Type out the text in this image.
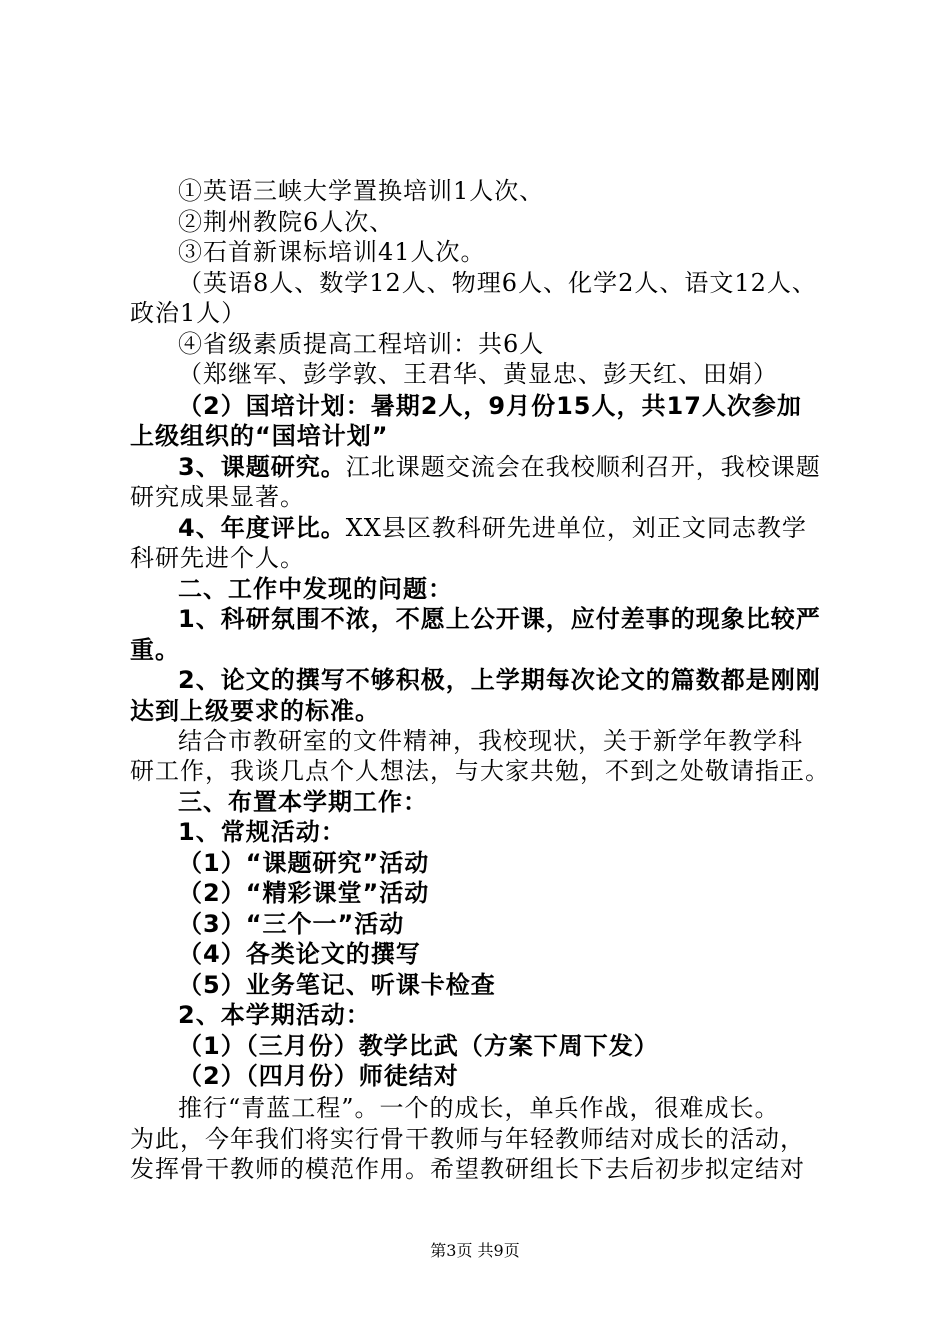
①英语三峡大学置换培训1人次、
②荆州教院6人次、
③石首新课标培训41人次。
（英语8人、数学12人、物理6人、化学2人、语文12人、
政治1人）
④省级素质提高工程培训：共6人
（郑继军、彭学敦、王君华、黄显忠、彭天红、田娟）
（2）国培计划：暑期2人，9月份15人，共17人次参加
上级组织的“国培计划”
3、课题研究。江北课题交流会在我校顺利召开，我校课题
研究成果显著。
4、年度评比。XX县区教科研先进单位，刘正文同志教学
科研先进个人。
二、工作中发现的问题：
1、科研氛围不浓，不愿上公开课，应付差事的现象比较严
重。
2、论文的撰写不够积极，上学期每次论文的篇数都是刚刚
达到上级要求的标准。
结合市教研室的文件精神，我校现状，关于新学年教学科
研工作，我谈几点个人想法，与大家共勉，不到之处敬请指正。
三、布置本学期工作：
1、常规活动：
（1）“课题研究”活动
（2）“精彩课堂”活动
（3）“三个一”活动
（4）各类论文的撰写
（5）业务笔记、听课卡检查
2、本学期活动：
（1）（三月份）教学比武（方案下周下发）
（2）（四月份）师徒结对
推行“青蓝工程”。一个的成长，单兵作战，很难成长。
为此，今年我们将实行骨干教师与年轻教师结对成长的活动，
发挥骨干教师的模范作用。希望教研组长下去后初步拟定结对
第3页 共9页
